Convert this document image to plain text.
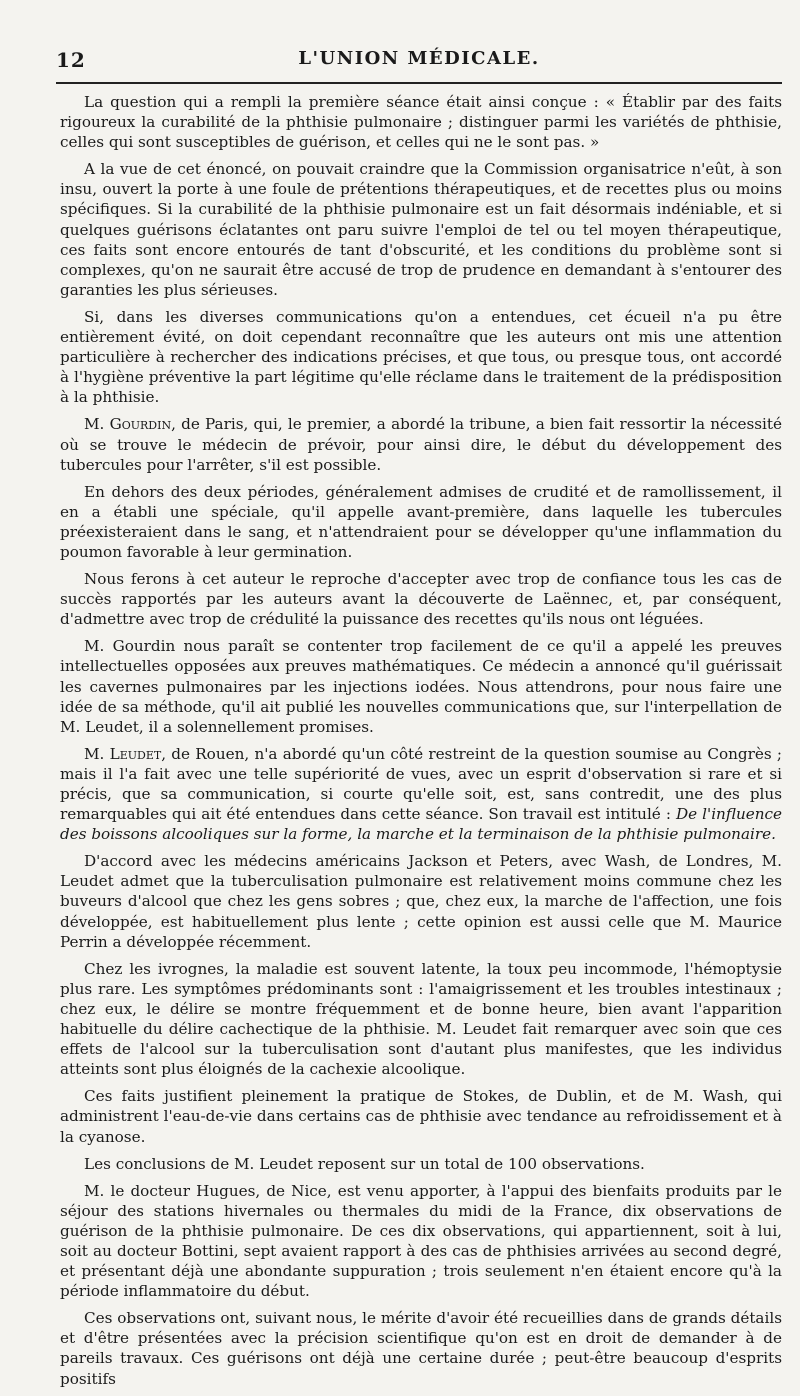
12	L'UNION MÉDICALE.

La question qui a rempli la première séance était ainsi conçue : « Établir par des faits rigoureux la curabilité de la phthisie pulmonaire ; distinguer parmi les variétés de phthisie, celles qui sont susceptibles de guérison, et celles qui ne le sont pas. »

A la vue de cet énoncé, on pouvait craindre que la Commission organisatrice n'eût, à son insu, ouvert la porte à une foule de prétentions thérapeutiques, et de recettes plus ou moins spécifiques. Si la curabilité de la phthisie pulmonaire est un fait désormais indéniable, et si quelques guérisons éclatantes ont paru suivre l'emploi de tel ou tel moyen thérapeutique, ces faits sont encore entourés de tant d'obscurité, et les conditions du problème sont si complexes, qu'on ne saurait être accusé de trop de prudence en demandant à s'entourer des garanties les plus sérieuses.

Si, dans les diverses communications qu'on a entendues, cet écueil n'a pu être entièrement évité, on doit cependant reconnaître que les auteurs ont mis une attention particulière à rechercher des indications précises, et que tous, ou presque tous, ont accordé à l'hygiène préventive la part légitime qu'elle réclame dans le traitement de la prédisposition à la phthisie.

M. Gourdin, de Paris, qui, le premier, a abordé la tribune, a bien fait ressortir la nécessité où se trouve le médecin de prévoir, pour ainsi dire, le début du développement des tubercules pour l'arrêter, s'il est possible.

En dehors des deux périodes, généralement admises de crudité et de ramollissement, il en a établi une spéciale, qu'il appelle avant-première, dans laquelle les tubercules préexisteraient dans le sang, et n'attendraient pour se développer qu'une inflammation du poumon favorable à leur germination.

Nous ferons à cet auteur le reproche d'accepter avec trop de confiance tous les cas de succès rapportés par les auteurs avant la découverte de Laënnec, et, par conséquent, d'admettre avec trop de crédulité la puissance des recettes qu'ils nous ont léguées.

M. Gourdin nous paraît se contenter trop facilement de ce qu'il a appelé les preuves intellectuelles opposées aux preuves mathématiques. Ce médecin a annoncé qu'il guérissait les cavernes pulmonaires par les injections iodées. Nous attendrons, pour nous faire une idée de sa méthode, qu'il ait publié les nouvelles communications que, sur l'interpellation de M. Leudet, il a solennellement promises.

M. Leudet, de Rouen, n'a abordé qu'un côté restreint de la question soumise au Congrès ; mais il l'a fait avec une telle supériorité de vues, avec un esprit d'observation si rare et si précis, que sa communication, si courte qu'elle soit, est, sans contredit, une des plus remarquables qui ait été entendues dans cette séance. Son travail est intitulé : De l'influence des boissons alcooliques sur la forme, la marche et la terminaison de la phthisie pulmonaire.

D'accord avec les médecins américains Jackson et Peters, avec Wash, de Londres, M. Leudet admet que la tuberculisation pulmonaire est relativement moins commune chez les buveurs d'alcool que chez les gens sobres ; que, chez eux, la marche de l'affection, une fois développée, est habituellement plus lente ; cette opinion est aussi celle que M. Maurice Perrin a développée récemment.

Chez les ivrognes, la maladie est souvent latente, la toux peu incommode, l'hémoptysie plus rare. Les symptômes prédominants sont : l'amaigrissement et les troubles intestinaux ; chez eux, le délire se montre fréquemment et de bonne heure, bien avant l'apparition habituelle du délire cachectique de la phthisie. M. Leudet fait remarquer avec soin que ces effets de l'alcool sur la tuberculisation sont d'autant plus manifestes, que les individus atteints sont plus éloignés de la cachexie alcoolique.

Ces faits justifient pleinement la pratique de Stokes, de Dublin, et de M. Wash, qui administrent l'eau-de-vie dans certains cas de phthisie avec tendance au refroidissement et à la cyanose.

Les conclusions de M. Leudet reposent sur un total de 100 observations.

M. le docteur Hugues, de Nice, est venu apporter, à l'appui des bienfaits produits par le séjour des stations hivernales ou thermales du midi de la France, dix observations de guérison de la phthisie pulmonaire. De ces dix observations, qui appartiennent, soit à lui, soit au docteur Bottini, sept avaient rapport à des cas de phthisies arrivées au second degré, et présentant déjà une abondante suppuration ; trois seulement n'en étaient encore qu'à la période inflammatoire du début.

Ces observations ont, suivant nous, le mérite d'avoir été recueillies dans de grands détails et d'être présentées avec la précision scientifique qu'on est en droit de demander à de pareils travaux. Ces guérisons ont déjà une certaine durée ; peut-être beaucoup d'esprits positifs
